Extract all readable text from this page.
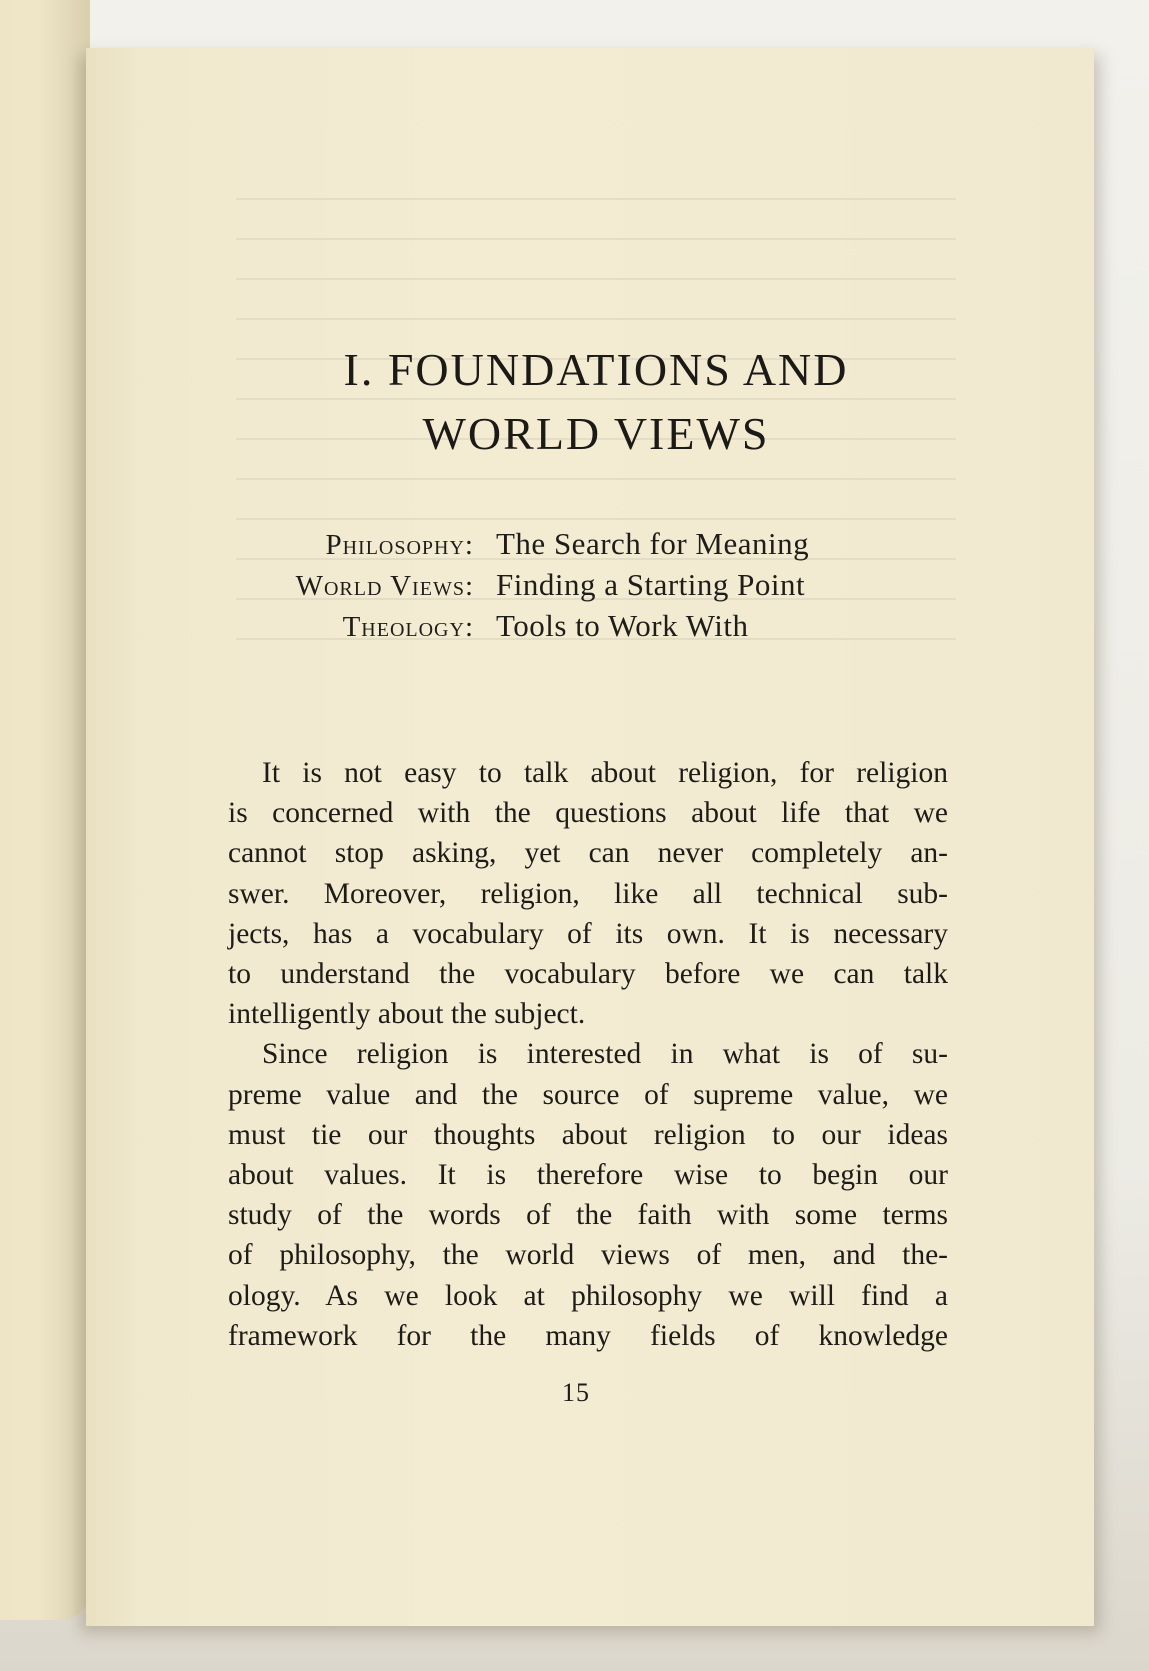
I. FOUNDATIONS AND
WORLD VIEWS
Philosophy: The Search for Meaning
World Views: Finding a Starting Point
Theology: Tools to Work With
It is not easy to talk about religion, for religion
is concerned with the questions about life that we
cannot stop asking, yet can never completely an-
swer. Moreover, religion, like all technical sub-
jects, has a vocabulary of its own. It is necessary
to understand the vocabulary before we can talk
intelligently about the subject.
Since religion is interested in what is of su-
preme value and the source of supreme value, we
must tie our thoughts about religion to our ideas
about values. It is therefore wise to begin our
study of the words of the faith with some terms
of philosophy, the world views of men, and the-
ology. As we look at philosophy we will find a
framework for the many fields of knowledge
15
